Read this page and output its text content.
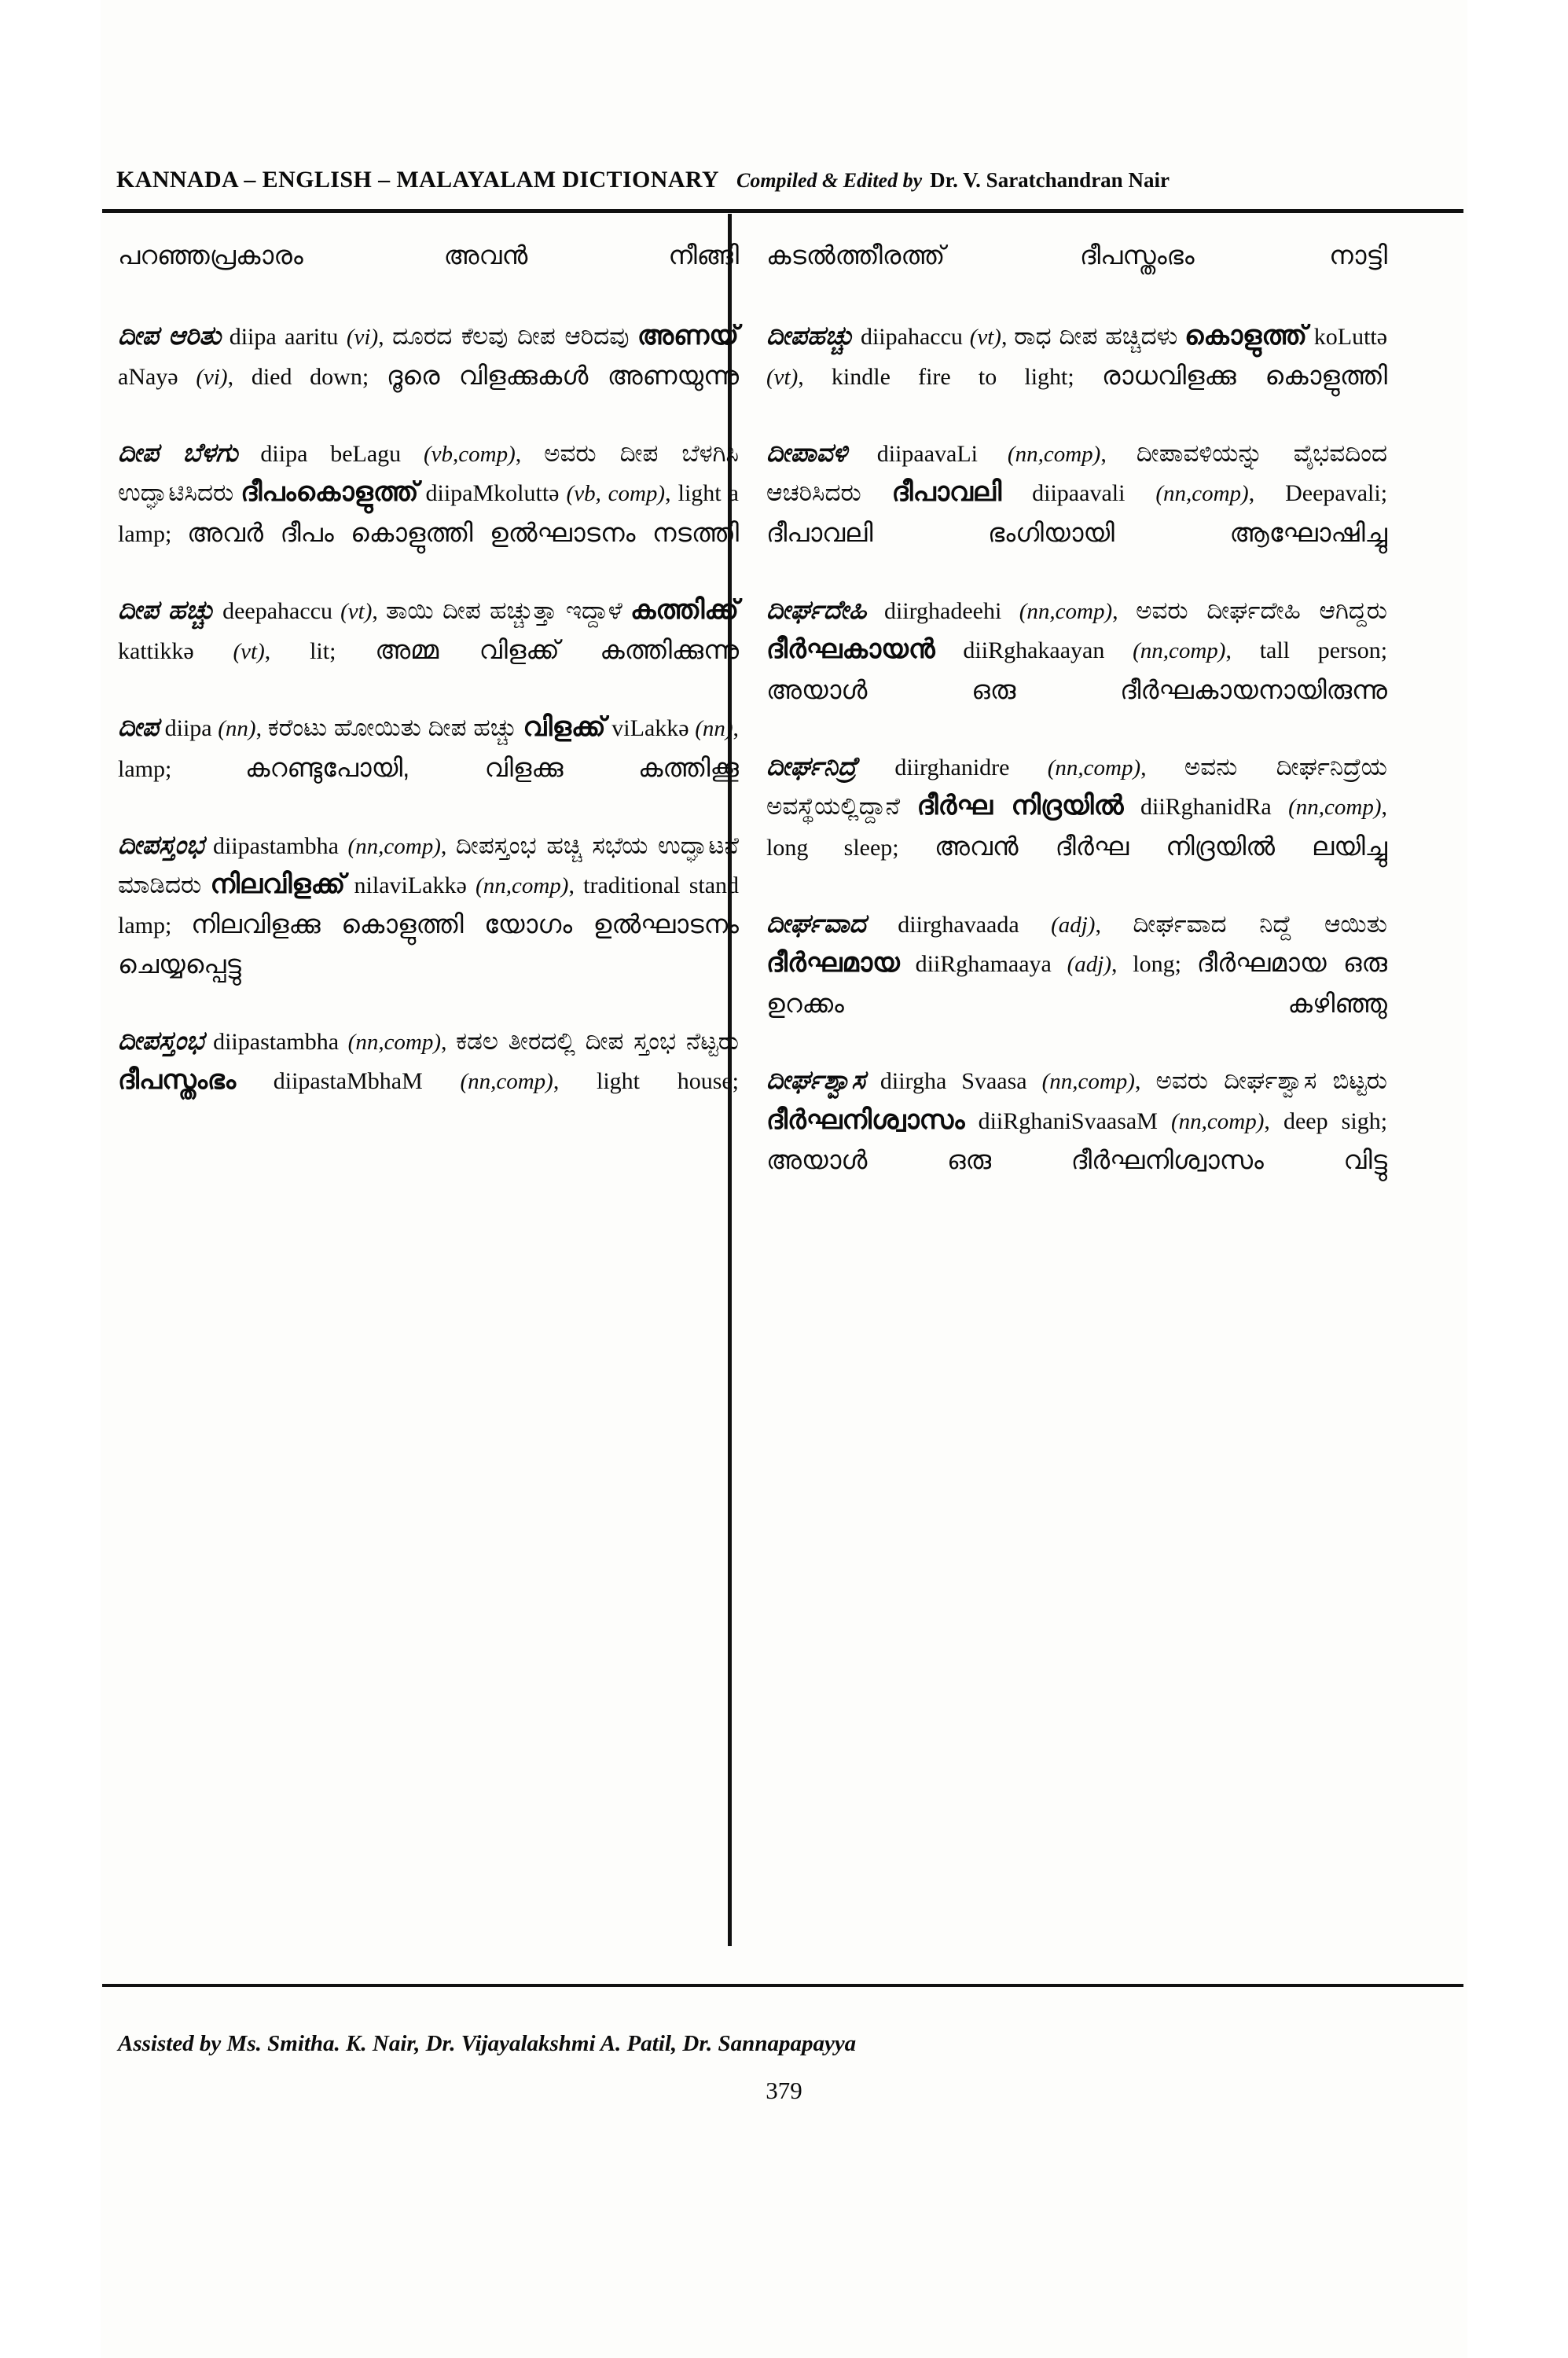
KANNADA – ENGLISH – MALAYALAM DICTIONARY Compiled & Edited by Dr. V. Saratchandran Nair

പറഞ്ഞപ്രകാരം അവൻ നീങ്ങി

ದೀಪ ಆರಿತು diipa aaritu (vi), ದೂರದ ಕೆಲವು ದೀಪ ಆರಿದವು അണയ് aNayə (vi), died down; ദൂരെ വിളക്കുകൾ അണയുന്നു

ದೀಪ ಬೆಳಗು diipa beLagu (vb,comp), ಅವರು ದೀಪ ಬೆಳಗಿಸಿ ಉದ್ಘಾಟಿಸಿದರು ദീപംകൊളുത്ത് diipaMkoluttə (vb, comp), light a lamp; അവർ ദീപം കൊളുത്തി ഉൽഘാടനം നടത്തി

ದೀಪ ಹಚ್ಚು deepahaccu (vt), ತಾಯಿ ದೀಪ ಹಚ್ಚುತ್ತಾ ಇದ್ದಾಳೆ കത്തിക്ക് kattikkə (vt), lit; അമ്മ വിളക്ക് കത്തിക്കുന്നു

ದೀಪ diipa (nn), ಕರೆಂಟು ಹೋಯಿತು ದೀಪ ಹಚ್ಚು വിളക്ക് viLakkə (nn), lamp;	കറണ്ടുപോയി, വിളക്കു കത്തിക്കൂ

ದೀಪಸ್ತಂಭ diipastambha (nn,comp), ದೀಪಸ್ತಂಭ ಹಚ್ಚಿ ಸಭೆಯ ಉದ್ಘಾಟನೆ ಮಾಡಿದರು നിലവിളക്ക് nilaviLakkə (nn,comp), traditional stand lamp; നിലവിളക്കു കൊളുത്തി യോഗം ഉൽഘാടനം ചെയ്യപ്പെട്ടു

ದೀಪಸ್ತಂಭ diipastambha (nn,comp), ಕಡಲ ತೀರದಲ್ಲಿ ದೀಪ ಸ್ತಂಭ ನೆಟ್ಟರು ദീപസ്തംഭം diipastaMbhaM (nn,comp), light house;

കടൽത്തീരത്ത് ദീപസ്തംഭം നാട്ടി

ದೀಪಹಚ್ಚು diipahaccu (vt), ರಾಧ ದೀಪ ಹಚ್ಚಿದಳು കൊളുത്ത് koLuttə (vt), kindle fire to light; രാധവിളക്കു കൊളുത്തി

ದೀಪಾವಳಿ diipaavaLi (nn,comp), ದೀಪಾವಳಿಯನ್ನು ವೈಭವದಿಂದ ಆಚರಿಸಿದರು ദീപാവലി diipaavali (nn,comp), Deepavali; ദീപാവലി ഭംഗിയായി ആഘോഷിച്ചു

ದೀರ್ಘದೇಹಿ diirghadeehi (nn,comp), ಅವರು ದೀರ್ಘದೇಹಿ ಆಗಿದ್ದರು ദീർഘകായൻ diiRghakaayan (nn,comp), tall person; അയാൾ ഒരു ദീർഘകായനായിരുന്നു

ದೀರ್ಘನಿದ್ರೆ diirghanidre (nn,comp), ಅವನು ದೀರ್ಘನಿದ್ರೆಯ ಅವಸ್ಥೆಯಲ್ಲಿದ್ದಾನೆ ദീർഘ നിദ്രയിൽ diiRghanidRa (nn,comp), long sleep; അവൻ ദീർഘ നിദ്രയിൽ ലയിച്ചു

ದೀರ್ಘವಾದ diirghavaada (adj), ದೀರ್ಘವಾದ ನಿದ್ದೆ ಆಯಿತು ദീർഘമായ diiRghamaaya (adj), long; ദീർഘമായ ഒരു ഉറക്കം കഴിഞ്ഞു

ದೀರ್ಘಶ್ವಾಸ diirgha Svaasa (nn,comp), ಅವರು ದೀರ್ಘಶ್ವಾಸ ಬಿಟ್ಟರು ദീർഘനിശ്വാസം diiRghaniSvaasaM (nn,comp), deep sigh; അയാൾ ഒരു ദീർഘനിശ്വാസം വിട്ടു

Assisted by Ms. Smitha. K. Nair, Dr. Vijayalakshmi A. Patil, Dr. Sannapapayya
379
